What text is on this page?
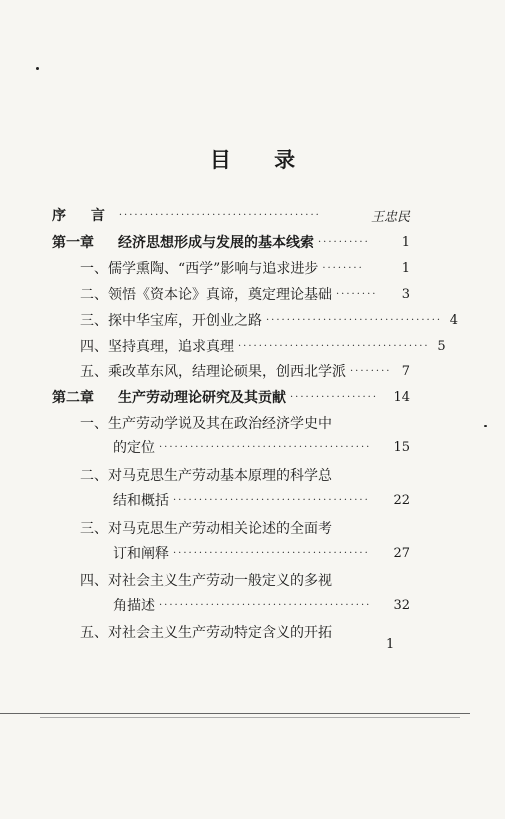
目 录
序 言 ·······································	王忠民
第一章	经济思想形成与发展的基本线索 ··········	1
一、 儒学熏陶、“西学”影响与追求进步 ········	1
二、 领悟《资本论》真谛，奠定理论基础 ········	3
三、 探中华宝库，开创业之路 ·································· 4
四、 坚持真理，追求真理 ····································· 5
五、 乘改革东风，结理论硕果，创西北学派 ········ 7
第二章	生产劳动理论研究及其贡献 ·················	14
一、 生产劳动学说及其在政治经济学史中
的定位 ·········································	15
二、 对马克思生产劳动基本原理的科学总
结和概括 ······································	22
三、 对马克思生产劳动相关论述的全面考
订和阐释 ······································	27
四、 对社会主义生产劳动一般定义的多视
角描述 ·········································	32
五、 对社会主义生产劳动特定含义的开拓
1
